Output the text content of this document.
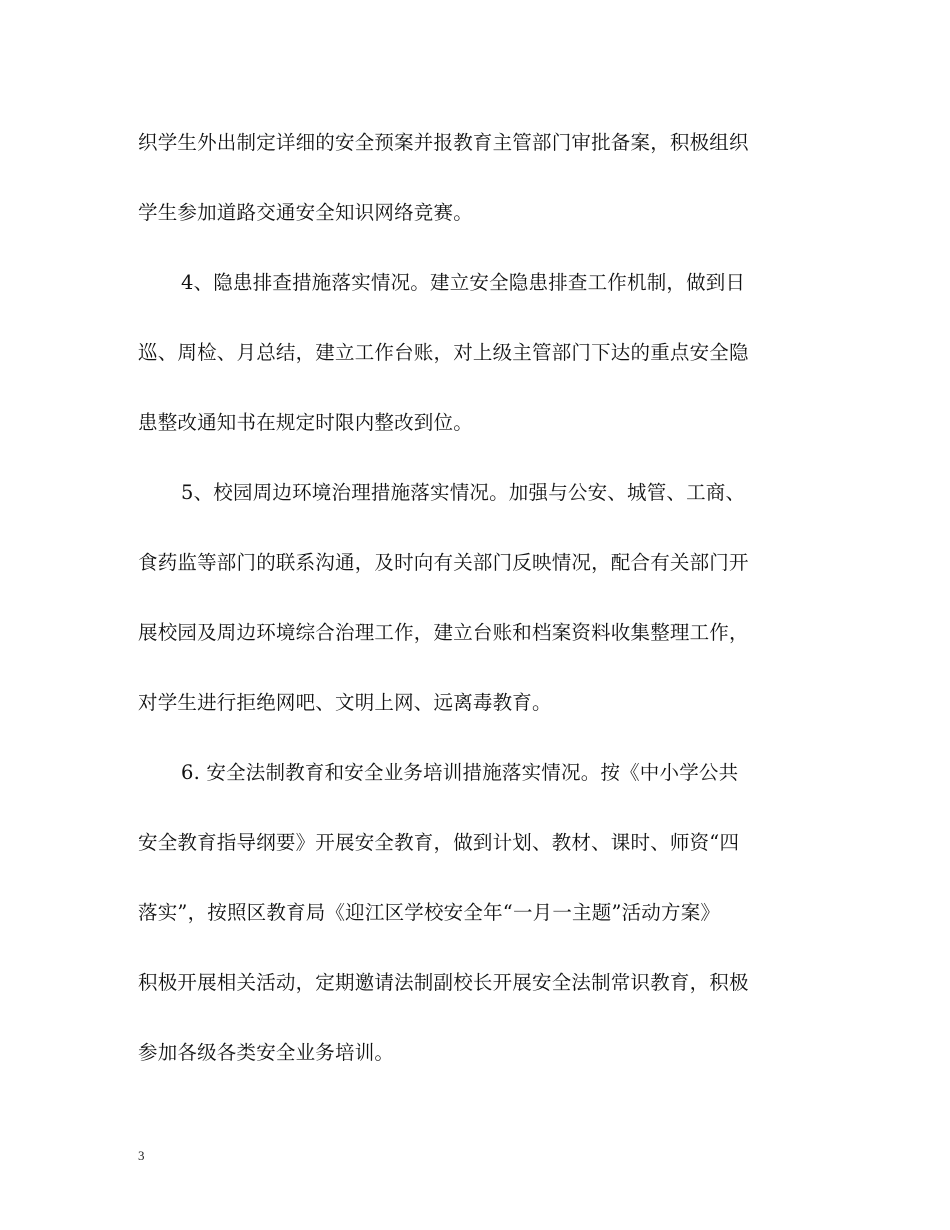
织学生外出制定详细的安全预案并报教育主管部门审批备案，积极组织

学生参加道路交通安全知识网络竞赛。

4、隐患排查措施落实情况。建立安全隐患排查工作机制，做到日

巡、周检、月总结，建立工作台账，对上级主管部门下达的重点安全隐

患整改通知书在规定时限内整改到位。

5、校园周边环境治理措施落实情况。加强与公安、城管、工商、

食药监等部门的联系沟通，及时向有关部门反映情况，配合有关部门开

展校园及周边环境综合治理工作，建立台账和档案资料收集整理工作，

对学生进行拒绝网吧、文明上网、远离毒教育。

6. 安全法制教育和安全业务培训措施落实情况。按《中小学公共

安全教育指导纲要》开展安全教育，做到计划、教材、课时、师资“四

落实”，按照区教育局《迎江区学校安全年“一月一主题”活动方案》

积极开展相关活动，定期邀请法制副校长开展安全法制常识教育，积极

参加各级各类安全业务培训。

3
